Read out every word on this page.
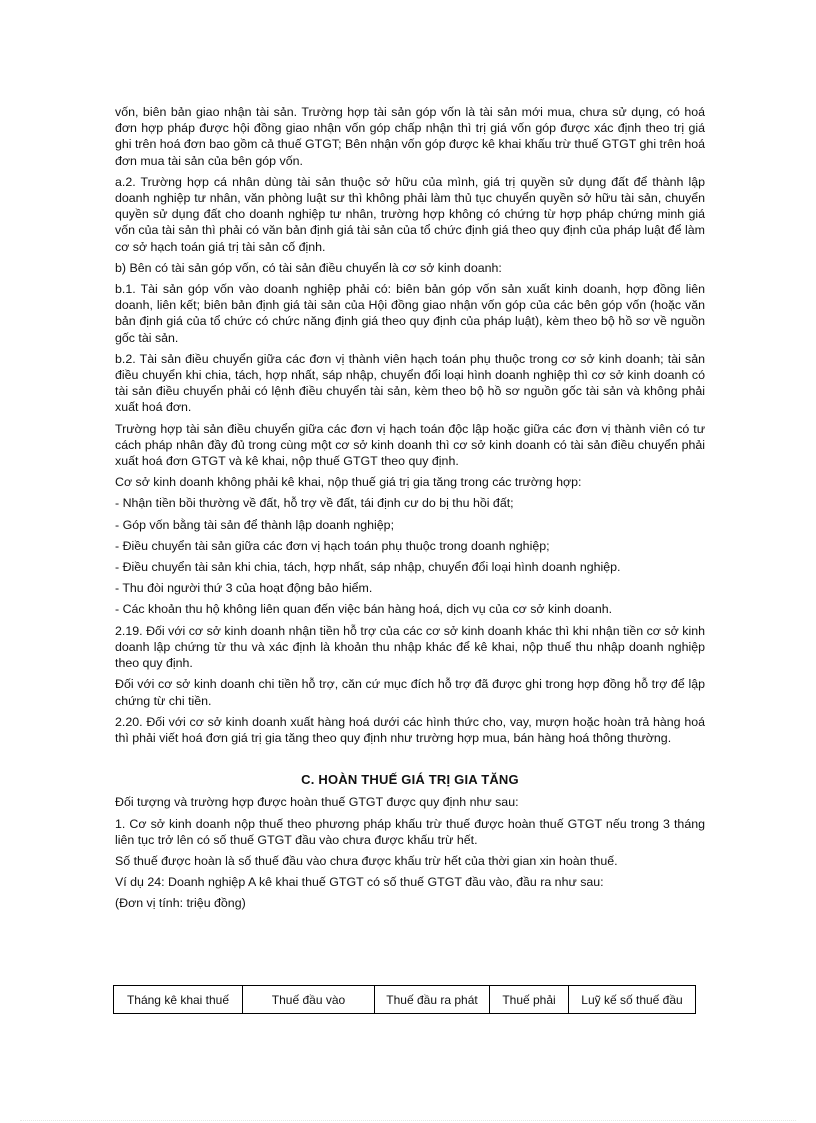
vốn, biên bản giao nhận tài sản. Trường hợp tài sản góp vốn là tài sản mới mua, chưa sử dụng, có hoá đơn hợp pháp được hội đồng giao nhận vốn góp chấp nhận thì trị giá vốn góp được xác định theo trị giá ghi trên hoá đơn bao gồm cả thuế GTGT; Bên nhận vốn góp được kê khai khấu trừ thuế GTGT ghi trên hoá đơn mua tài sản của bên góp vốn.

a.2. Trường hợp cá nhân dùng tài sản thuộc sở hữu của mình, giá trị quyền sử dụng đất để thành lập doanh nghiệp tư nhân, văn phòng luật sư thì không phải làm thủ tục chuyển quyền sở hữu tài sản, chuyển quyền sử dụng đất cho doanh nghiệp tư nhân, trường hợp không có chứng từ hợp pháp chứng minh giá vốn của tài sản thì phải có văn bản định giá tài sản của tổ chức định giá theo quy định của pháp luật để làm cơ sở hạch toán giá trị tài sản cố định.

b) Bên có tài sản góp vốn, có tài sản điều chuyển là cơ sở kinh doanh:

b.1. Tài sản góp vốn vào doanh nghiệp phải có: biên bản góp vốn sản xuất kinh doanh, hợp đồng liên doanh, liên kết; biên bản định giá tài sản của Hội đồng giao nhận vốn góp của các bên góp vốn (hoặc văn bản định giá của tổ chức có chức năng định giá theo quy định của pháp luật), kèm theo bộ hồ sơ về nguồn gốc tài sản.

b.2. Tài sản điều chuyển giữa các đơn vị thành viên hạch toán phụ thuộc trong cơ sở kinh doanh; tài sản điều chuyển khi chia, tách, hợp nhất, sáp nhập, chuyển đổi loại hình doanh nghiệp thì cơ sở kinh doanh có tài sản điều chuyển phải có lệnh điều chuyển tài sản, kèm theo bộ hồ sơ nguồn gốc tài sản và không phải xuất hoá đơn.

Trường hợp tài sản điều chuyển giữa các đơn vị hạch toán độc lập hoặc giữa các đơn vị thành viên có tư cách pháp nhân đầy đủ trong cùng một cơ sở kinh doanh thì cơ sở kinh doanh có tài sản điều chuyển phải xuất hoá đơn GTGT và kê khai, nộp thuế GTGT theo quy định.

Cơ sở kinh doanh không phải kê khai, nộp thuế giá trị gia tăng trong các trường hợp:

- Nhận tiền bồi thường về đất, hỗ trợ về đất, tái định cư do bị thu hồi đất;

- Góp vốn bằng tài sản để thành lập doanh nghiệp;

- Điều chuyển tài sản giữa các đơn vị hạch toán phụ thuộc trong doanh nghiệp;

- Điều chuyển tài sản khi chia, tách, hợp nhất, sáp nhập, chuyển đổi loại hình doanh nghiệp.

- Thu đòi người thứ 3 của hoạt động bảo hiểm.

- Các khoản thu hộ không liên quan đến việc bán hàng hoá, dịch vụ của cơ sở kinh doanh.

2.19. Đối với cơ sở kinh doanh nhận tiền hỗ trợ của các cơ sở kinh doanh khác thì khi nhận tiền cơ sở kinh doanh lập chứng từ thu và xác định là khoản thu nhập khác để kê khai, nộp thuế thu nhập doanh nghiệp theo quy định.

Đối với cơ sở kinh doanh chi tiền hỗ trợ, căn cứ mục đích hỗ trợ đã được ghi trong hợp đồng hỗ trợ để lập chứng từ chi tiền.

2.20. Đối với cơ sở kinh doanh xuất hàng hoá dưới các hình thức cho, vay, mượn hoặc hoàn trả hàng hoá thì phải viết hoá đơn giá trị gia tăng theo quy định như trường hợp mua, bán hàng hoá thông thường.

C. HOÀN THUẾ GIÁ TRỊ GIA TĂNG

Đối tượng và trường hợp được hoàn thuế GTGT được quy định như sau:

1. Cơ sở kinh doanh nộp thuế theo phương pháp khấu trừ thuế được hoàn thuế GTGT nếu trong 3 tháng liên tục trở lên có số thuế GTGT đầu vào chưa được khấu trừ hết.

Số thuế được hoàn là số thuế đầu vào chưa được khấu trừ hết của thời gian xin hoàn thuế.

Ví dụ 24: Doanh nghiệp A kê khai thuế GTGT có số thuế GTGT đầu vào, đầu ra như sau:

(Đơn vị tính: triệu đồng)

Tháng kê khai thuế	Thuế đầu vào	Thuế đầu ra phát	Thuế phải	Luỹ kế số thuế đầu
